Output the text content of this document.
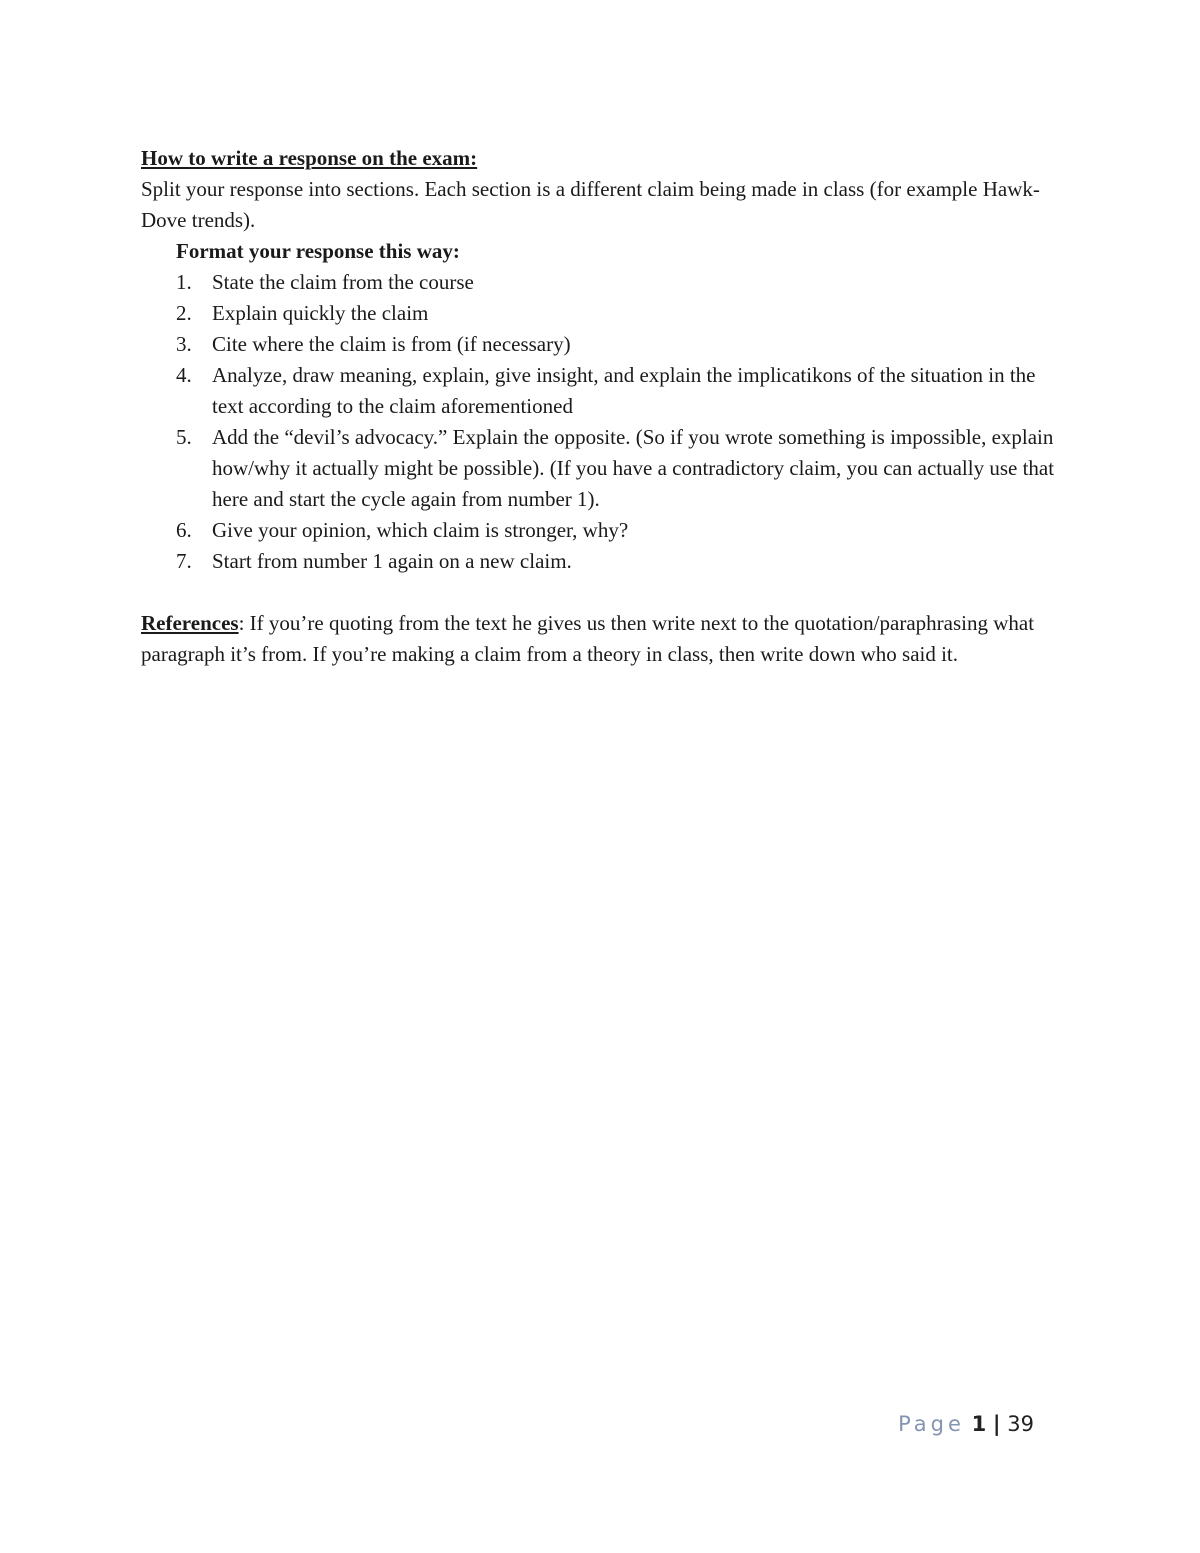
How to write a response on the exam:

Split your response into sections. Each section is a different claim being made in class (for example Hawk-Dove trends).

Format your response this way:

1. State the claim from the course
2. Explain quickly the claim
3. Cite where the claim is from (if necessary)
4. Analyze, draw meaning, explain, give insight, and explain the implicatikons of the situation in the text according to the claim aforementioned
5. Add the “devil’s advocacy.” Explain the opposite. (So if you wrote something is impossible, explain how/why it actually might be possible). (If you have a contradictory claim, you can actually use that here and start the cycle again from number 1).
6. Give your opinion, which claim is stronger, why?
7. Start from number 1 again on a new claim.

References: If you’re quoting from the text he gives us then write next to the quotation/paraphrasing what paragraph it’s from. If you’re making a claim from a theory in class, then write down who said it.

Page 1 | 39
